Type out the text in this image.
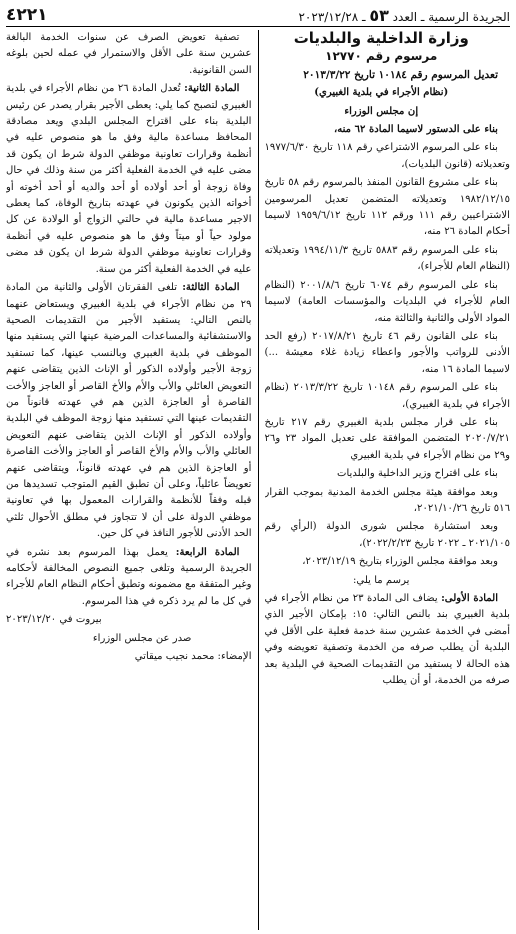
الجريدة الرسمية ـ العدد ٥٣ ـ ٢٠٢٣/١٢/٢٨
٤٢٢١

وزارة الداخلية والبلديات

مرسوم رقم ١٢٧٧٠

تعديل المرسوم رقم ١٠١٨٤ تاريخ ٢٠١٣/٣/٢٢

(نظام الأجراء في بلدية الغبيري)

إن مجلس الوزراء

بناء على الدستور لاسيما المادة ٦٢ منه،

بناء على المرسوم الاشتراعي رقم ١١٨ تاريخ ١٩٧٧/٦/٣٠ وتعديلاته (قانون البلديات)،

بناء على مشروع القانون المنفذ بالمرسوم رقم ٥٨ تاريخ ١٩٨٢/١٢/١٥ وتعديلاته المتضمن تعديل المرسومين الاشتراعيين رقم ١١١ ورقم ١١٢ تاريخ ١٩٥٩/٦/١٢ لاسيما أحكام المادة ٢٦ منه،

بناء على المرسوم رقم ٥٨٨٣ تاريخ ١٩٩٤/١١/٣ وتعديلاته (النظام العام للأجراء)،

بناء على المرسوم رقم ٦٠٧٤ تاريخ ٢٠٠١/٨/٦ (النظام العام للأجراء في البلديات والمؤسسات العامة) لاسيما المواد الأولى والثانية والثالثة منه،

بناء على القانون رقم ٤٦ تاريخ ٢٠١٧/٨/٢١ (رفع الحد الأدنى للرواتب والأجور واعطاء زيادة غلاء معيشة ...) لاسيما المادة ١٦ منه،

بناء على المرسوم رقم ١٠١٤٨ تاريخ ٢٠١٣/٣/٢٢ (نظام الأجراء في بلدية الغبيري)،

بناء على قرار مجلس بلدية الغبيري رقم ٢١٧ تاريخ ٢٠٢٠/٧/٢١ المتضمن الموافقة على تعديل المواد ٢٣ و٢٦ و٢٩ من نظام الأجراء في بلدية الغبيري

بناء على اقتراح وزير الداخلية والبلديات

وبعد موافقة هيئة مجلس الخدمة المدنية بموجب القرار ٥١٦ تاريخ ٢٠٢١/١٠/٢٦،

وبعد استشارة مجلس شورى الدولة (الرأي رقم ٢٠٢١/١٠٥ ـ ٢٠٢٢ تاريخ ٢٠٢٢/٢/٢٣)،

وبعد موافقة مجلس الوزراء بتاريخ ٢٠٢٣/١٢/١٩،

يرسم ما يلي:

المادة الأولى: يضاف الى المادة ٢٣ من نظام الأجراء في بلدية الغبيري بند بالنص التالي: ١٥: بإمكان الأجير الذي أمضى في الخدمة عشرين سنة خدمة فعلية على الأقل في البلدية أن يطلب صرفه من الخدمة وتصفية تعويضه وفي هذه الحالة لا يستفيد من التقديمات الصحية في البلدية بعد صرفه من الخدمة، أو أن يطلب

تصفية تعويض الصرف عن سنوات الخدمة البالغة عشرين سنة على الأقل والاستمرار في عمله لحين بلوغه السن القانونية.

المادة الثانية: تُعدل المادة ٢٦ من نظام الأجراء في بلدية الغبيري لتصبح كما يلي: يعطى الأجير بقرار يصدر عن رئيس البلدية بناء على اقتراح المجلس البلدي ويعد مصادقة المحافظ مساعدة مالية وفق ما هو منصوص عليه في أنظمة وقرارات تعاونية موظفي الدولة شرط ان يكون قد مضى عليه في الخدمة الفعلية أكثر من سنة وذلك في حال وفاة زوجة أو أحد أولاده أو أحد والديه أو أحد أخوته أو أخواته الذين يكونون في عهدته بتاريخ الوفاة، كما يعطى الاجير مساعدة مالية في حالتي الزواج أو الولادة عن كل مولود حياً أو ميتاً وفق ما هو منصوص عليه في أنظمة وقرارات تعاونية موظفي الدولة شرط ان يكون قد مضى عليه في الخدمة الفعلية أكثر من سنة.

المادة الثالثة: تلغى الفقرتان الأولى والثانية من المادة ٢٩ من نظام الأجراء في بلدية الغبيري ويستعاض عنهما بالنص التالي: يستفيد الأجير من التقديمات الصحية والاستشفائية والمساعدات المرضية عينها التي يستفيد منها الموظف في بلدية الغبيري وبالنسب عينها، كما تستفيد زوجة الأجير وأولاده الذكور أو الإناث الذين يتقاضى عنهم التعويض العائلي والأب والأم والأخ القاصر أو العاجز والأخت القاصرة أو العاجزة الذين هم في عهدته قانوناً من التقديمات عينها التي تستفيد منها زوجة الموظف في البلدية وأولاده الذكور أو الإناث الذين يتقاضى عنهم التعويض العائلي والأب والأم والأخ القاصر أو العاجز والأخت القاصرة أو العاجزة الذين هم في عهدته قانوناً، ويتقاضى عنهم تعويضاً عائلياً، وعلى أن تطبق القيم المتوجب تسديدها من قبله وفقاً للأنظمة والقرارات المعمول بها في تعاونية موظفي الدولة على أن لا تتجاوز في مطلق الأحوال ثلثي الحد الأدنى للأجور النافذ في كل حين.

المادة الرابعة: يعمل بهذا المرسوم بعد نشره في الجريدة الرسمية وتلغى جميع النصوص المخالفة لأحكامه وغير المتفقة مع مضمونه وتطبق أحكام النظام العام للأجراء في كل ما لم يرد ذكره في هذا المرسوم.

بيروت في ٢٠٢٣/١٢/٢٠

صدر عن مجلس الوزراء

الإمضاء: محمد نجيب ميقاتي
